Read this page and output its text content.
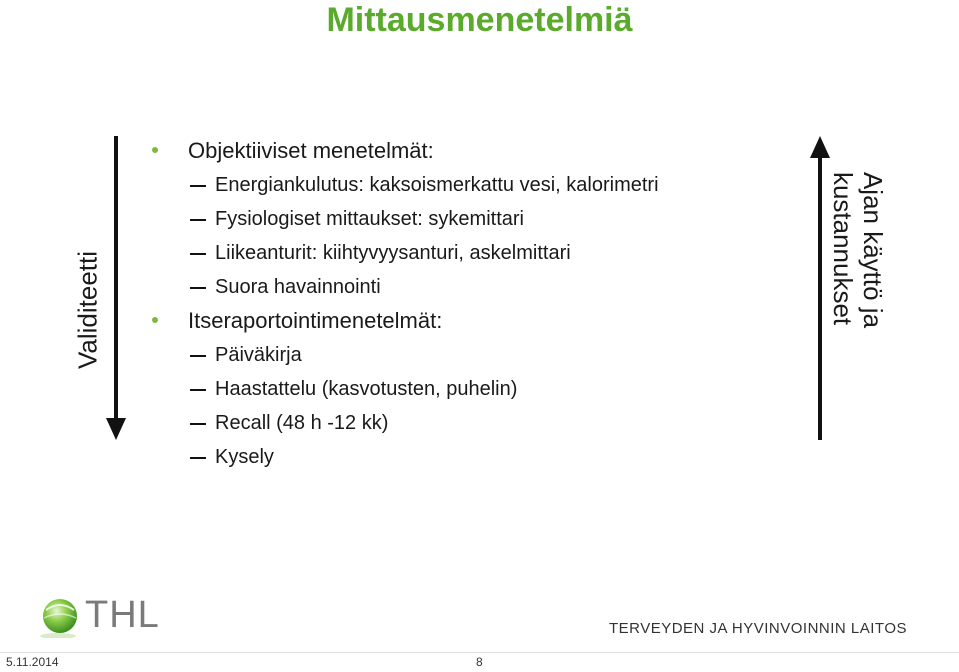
Mittausmenetelmiä
Validiteetti	Ajan käyttö ja
kustannukset
Objektiiviset menetelmät:
Energiankulutus: kaksoismerkattu vesi, kalorimetri
Fysiologiset mittaukset: sykemittari
Liikeanturit: kiihtyvyysanturi, askelmittari
Suora havainnointi
Itseraportointimenetelmät:
Päiväkirja
Haastattelu (kasvotusten, puhelin)
Recall (48 h -12 kk)
Kysely
THL	TERVEYDEN JA HYVINVOINNIN LAITOS
5.11.2014	8
